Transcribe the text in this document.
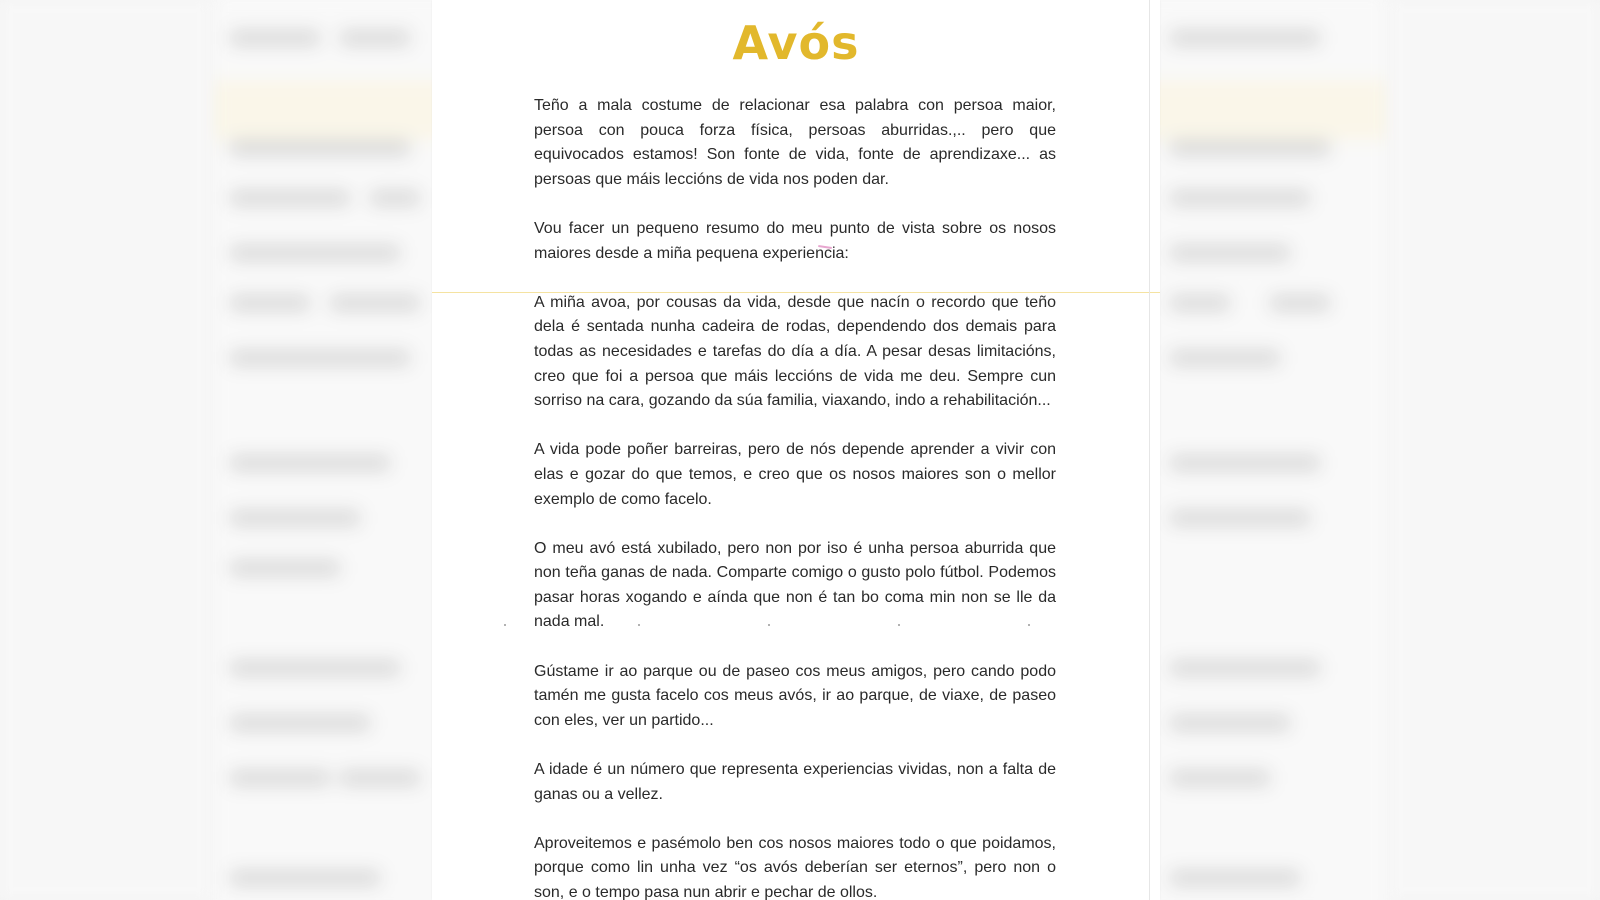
Avós

Teño a mala costume de relacionar esa palabra con persoa maior, persoa con pouca forza física, persoas aburridas.,.. pero que equivocados estamos! Son fonte de vida, fonte de aprendizaxe... as persoas que máis leccións de vida nos poden dar.

Vou facer un pequeno resumo do meu punto de vista sobre os nosos maiores desde a miña pequena experiencia:

A miña avoa, por cousas da vida, desde que nacín o recordo que teño dela é sentada nunha cadeira de rodas, dependendo dos demais para todas as necesidades e tarefas do día a día. A pesar desas limitacións, creo que foi a persoa que máis leccións de vida me deu. Sempre cun sorriso na cara, gozando da súa familia, viaxando, indo a rehabilitación...

A vida pode poñer barreiras, pero de nós depende aprender a vivir con elas e gozar do que temos, e creo que os nosos maiores son o mellor exemplo de como facelo.

O meu avó está xubilado, pero non por iso é unha persoa aburrida que non teña ganas de nada. Comparte comigo o gusto polo fútbol. Podemos pasar horas xogando e aínda que non é tan bo coma min non se lle da nada mal.

Gústame ir ao parque ou de paseo cos meus amigos, pero cando podo tamén me gusta facelo cos meus avós, ir ao parque, de viaxe, de paseo con eles, ver un partido...

A idade é un número que representa experiencias vividas, non a falta de ganas ou a vellez.

Aproveitemos e pasémolo ben cos nosos maiores todo o que poidamos, porque como lin unha vez “os avós deberían ser eternos”, pero non o son, e o tempo pasa nun abrir e pechar de ollos.
